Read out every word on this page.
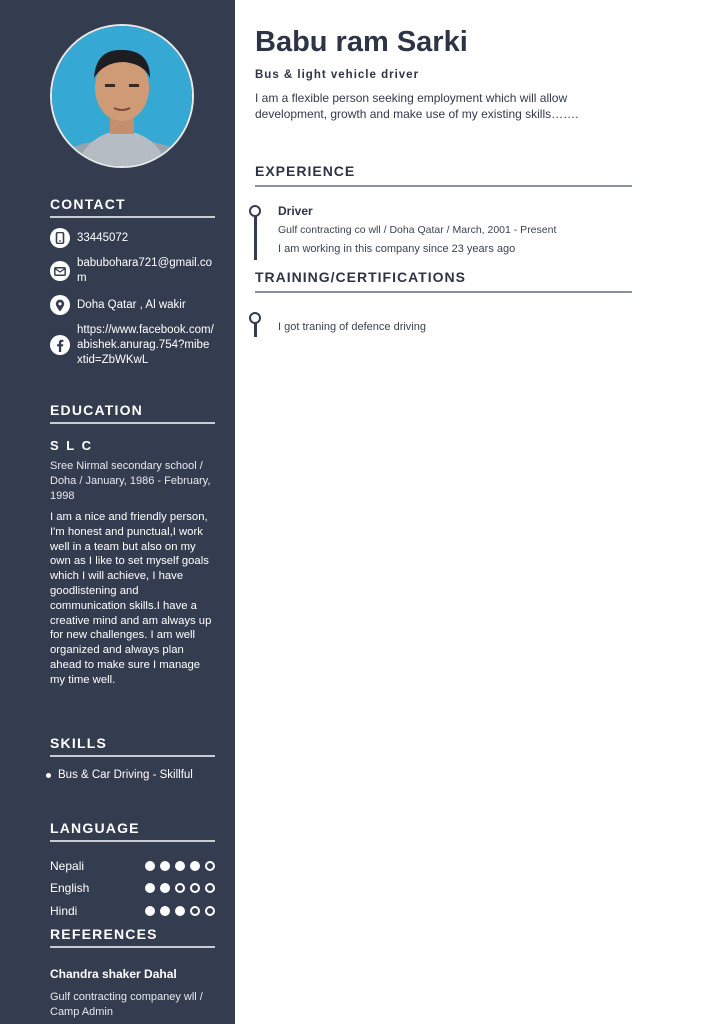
CONTACT
33445072
babubohara721@gmail.com
Doha Qatar , Al wakir
https://www.facebook.com/abishek.anurag.754?mibextid=ZbWKwL
EDUCATION
S L C
Sree Nirmal secondary school / Doha / January, 1986 - February, 1998
I am a nice and friendly person, I'm honest and punctual,I work well in a team but also on my own as I like to set myself goals which I will achieve, I have goodlistening and communication skills.I have a creative mind and am always up for new challenges. I am well organized and always plan ahead to make sure I manage my time well.
SKILLS
Bus & Car Driving - Skillful
LANGUAGE
Nepali
English
Hindi
REFERENCES
Chandra shaker Dahal
Gulf contracting companey wll / Camp Admin
Babu ram Sarki
Bus & light vehicle driver
I am a flexible person seeking employment which will allow development, growth and make use of my existing skills…….
EXPERIENCE
Driver
Gulf contracting co wll / Doha Qatar / March, 2001 - Present
I am working in this company since 23 years ago
TRAINING/CERTIFICATIONS
I got traning of defence driving
